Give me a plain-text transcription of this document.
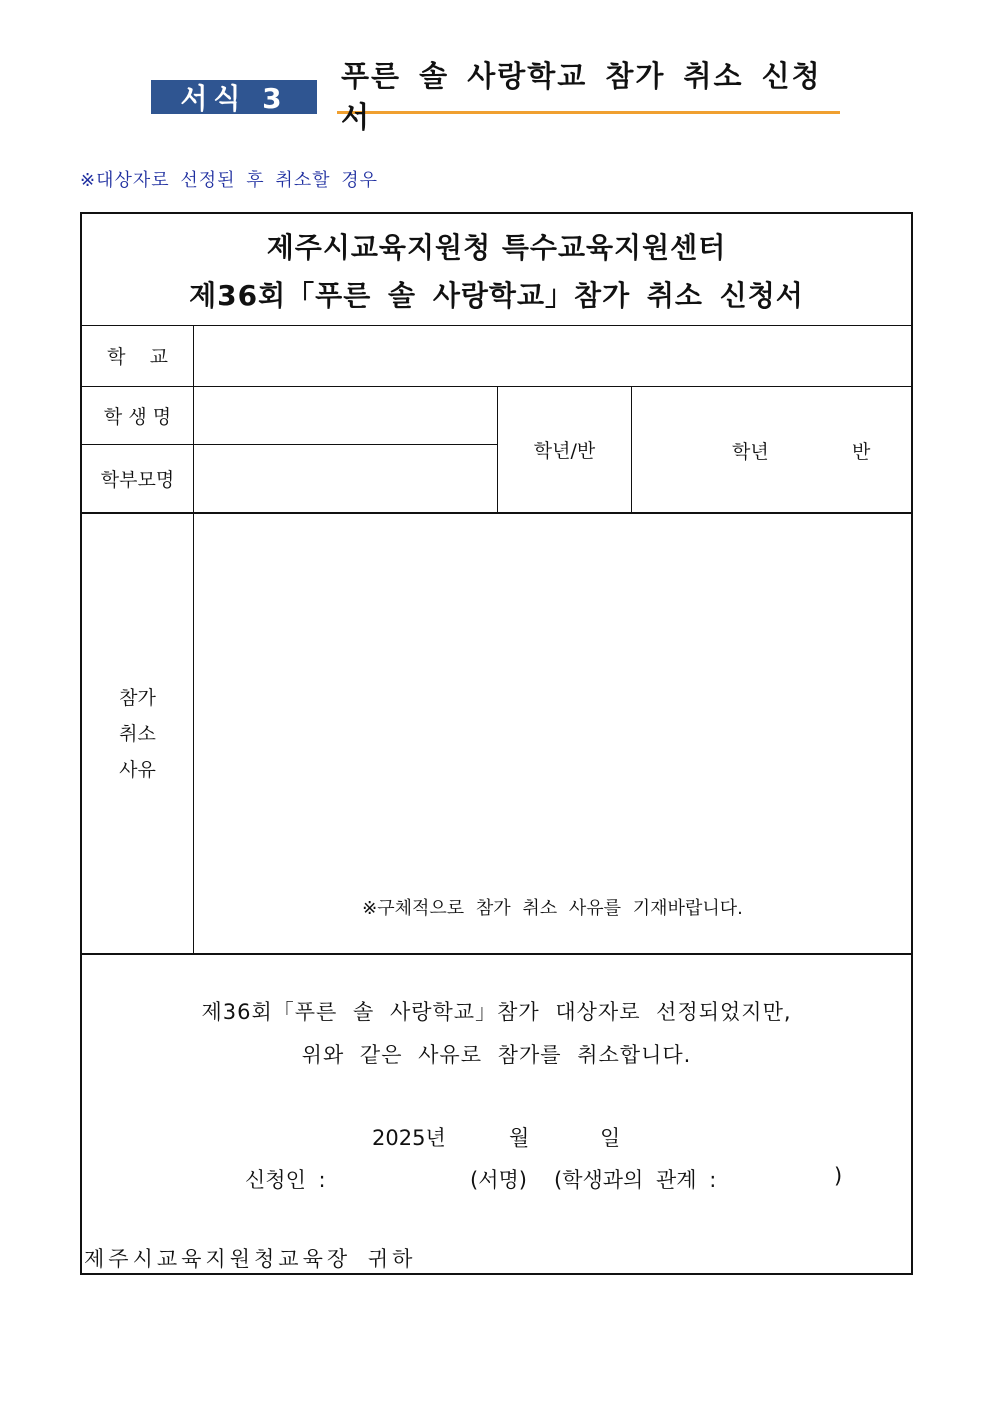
서식 3
푸른 솔 사랑학교 참가 취소 신청서
※대상자로 선정된 후 취소할 경우
제주시교육지원청 특수교육지원센터
제36회「푸른 솔 사랑학교」참가 취소 신청서
학    교
학 생 명
학부모명
학년/반	학년	반
참가
취소
사유
※구체적으로 참가 취소 사유를 기재바랍니다.
제36회「푸른 솔 사랑학교」참가 대상자로 선정되었지만,
위와 같은 사유로 참가를 취소합니다.
2025년	월	일
신청인 :	(서명) (학생과의 관계 :	)
제주시교육지원청교육장 귀하
